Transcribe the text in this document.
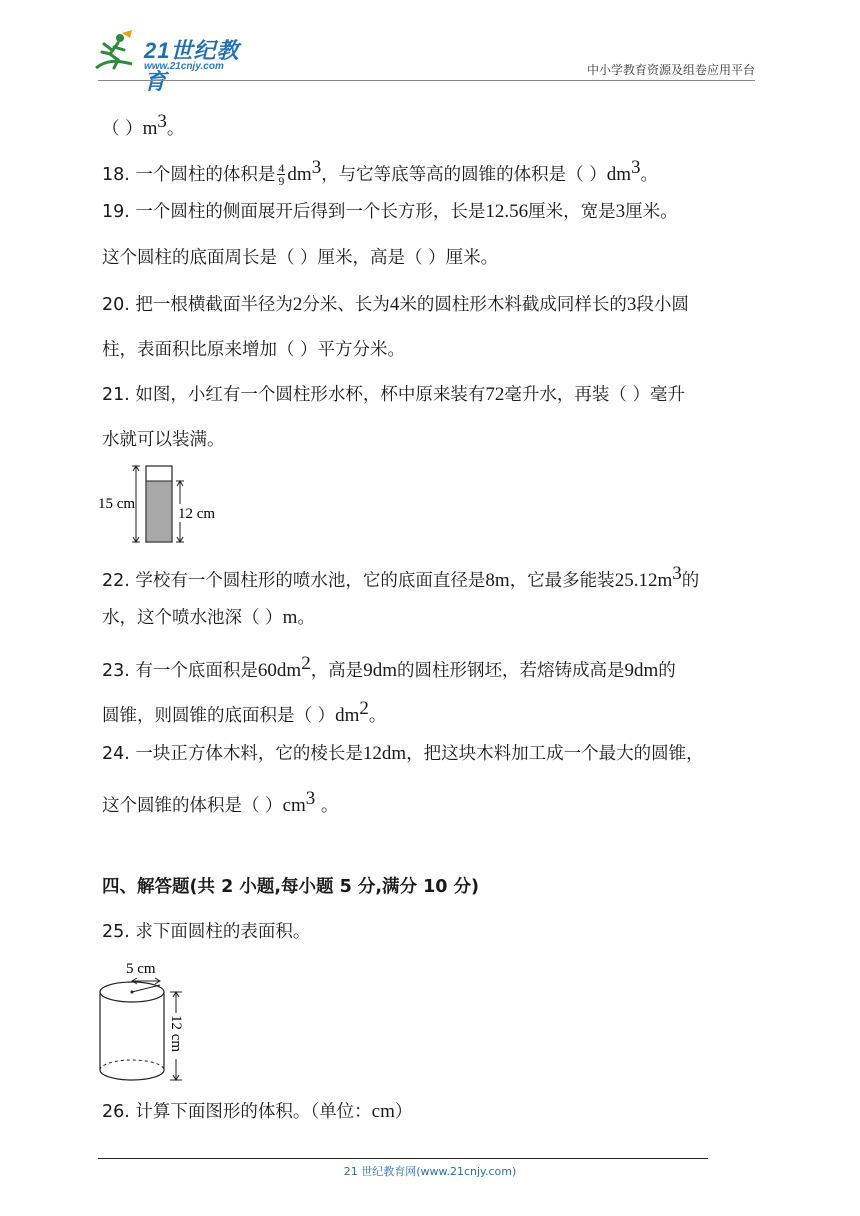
21世纪教育
www.21cnjy.com	中小学教育资源及组卷应用平台
（ ）$m^3$。
18. 一个圆柱的体积是 $\frac{4}{9} dm^3$，与它等底等高的圆锥的体积是（ ）$dm^3$。
19. 一个圆柱的侧面展开后得到一个长方形，长是12.56厘米，宽是3厘米。
这个圆柱的底面周长是（ ）厘米，高是（ ）厘米。
20. 把一根横截面半径为2分米、长为4米的圆柱形木料截成同样长的3段小圆
柱，表面积比原来增加（ ）平方分米。
21. 如图，小红有一个圆柱形水杯，杯中原来装有72毫升水，再装（ ）毫升
水就可以装满。
15 cm
12 cm
22. 学校有一个圆柱形的喷水池，它的底面直径是8m，它最多能装$25.12m^3$的
水，这个喷水池深（ ）m。
23. 有一个底面积是$60dm^2$，高是9dm的圆柱形钢坯，若熔铸成高是9dm的
圆锥，则圆锥的底面积是（ ）$dm^2$。
24. 一块正方体木料，它的棱长是12dm，把这块木料加工成一个最大的圆锥，
这个圆锥的体积是（ ）$cm^3$ 。
四、解答题(共 2 小题,每小题 5 分,满分 10 分)
25. 求下面圆柱的表面积。
5 cm
12 cm
26. 计算下面图形的体积。（单位：cm）
21 世纪教育网(www.21cnjy.com)
